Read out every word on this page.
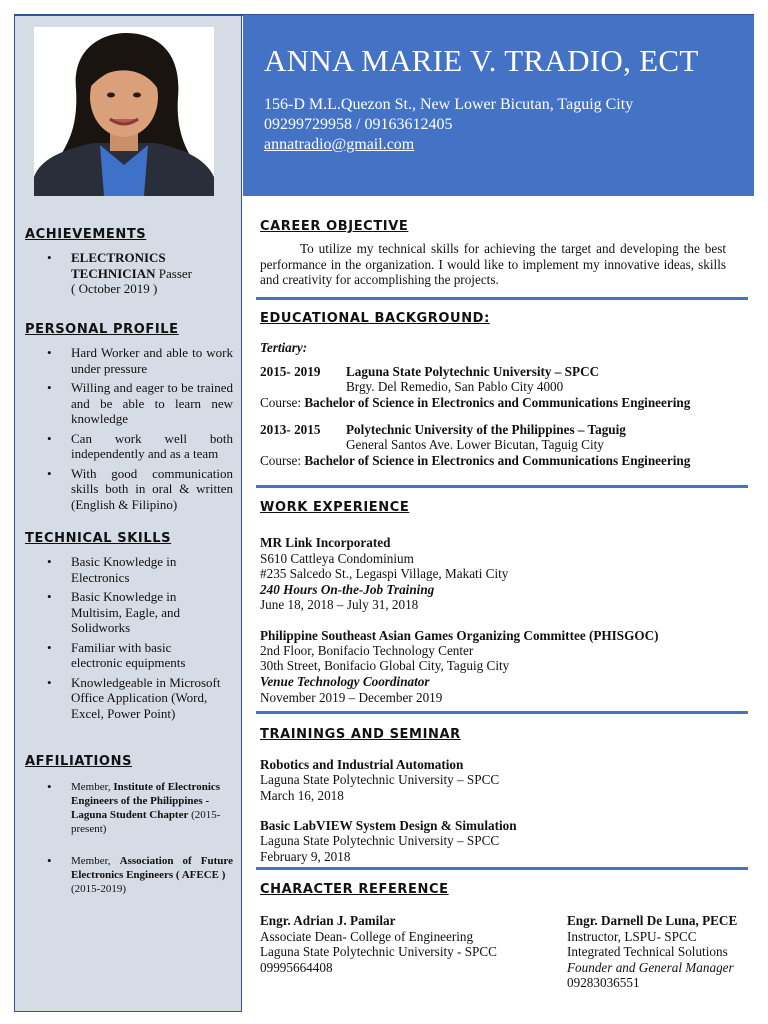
ANNA MARIE V. TRADIO, ECT
156-D M.L.Quezon St., New Lower Bicutan, Taguig City
09299729958 / 09163612405
annatradio@gmail.com
ACHIEVEMENTS
• ELECTRONICS TECHNICIAN Passer
( October 2019 )
PERSONAL PROFILE
• Hard Worker and able to work under pressure
• Willing and eager to be trained and be able to learn new knowledge
• Can work well both independently and as a team
• With good communication skills both in oral & written (English & Filipino)
TECHNICAL SKILLS
• Basic Knowledge in Electronics
• Basic Knowledge in Multisim, Eagle, and Solidworks
• Familiar with basic electronic equipments
• Knowledgeable in Microsoft Office Application (Word, Excel, Power Point)
AFFILIATIONS
• Member, Institute of Electronics Engineers of the Philippines - Laguna Student Chapter (2015-present)
• Member, Association of Future Electronics Engineers ( AFECE )
(2015-2019)
CAREER OBJECTIVE
To utilize my technical skills for achieving the target and developing the best performance in the organization. I would like to implement my innovative ideas, skills and creativity for accomplishing the projects.
EDUCATIONAL BACKGROUND:
Tertiary:
2015- 2019 Laguna State Polytechnic University – SPCC
Brgy. Del Remedio, San Pablo City 4000
Course: Bachelor of Science in Electronics and Communications Engineering
2013- 2015 Polytechnic University of the Philippines – Taguig
General Santos Ave. Lower Bicutan, Taguig City
Course: Bachelor of Science in Electronics and Communications Engineering
WORK EXPERIENCE
MR Link Incorporated
S610 Cattleya Condominium
#235 Salcedo St., Legaspi Village, Makati City
240 Hours On-the-Job Training
June 18, 2018 – July 31, 2018
Philippine Southeast Asian Games Organizing Committee (PHISGOC)
2nd Floor, Bonifacio Technology Center
30th Street, Bonifacio Global City, Taguig City
Venue Technology Coordinator
November 2019 – December 2019
TRAININGS AND SEMINAR
Robotics and Industrial Automation
Laguna State Polytechnic University – SPCC
March 16, 2018
Basic LabVIEW System Design & Simulation
Laguna State Polytechnic University – SPCC
February 9, 2018
CHARACTER REFERENCE
Engr. Adrian J. Pamilar
Associate Dean- College of Engineering
Laguna State Polytechnic University - SPCC
09995664408
Engr. Darnell De Luna, PECE
Instructor, LSPU- SPCC
Integrated Technical Solutions
Founder and General Manager
09283036551
